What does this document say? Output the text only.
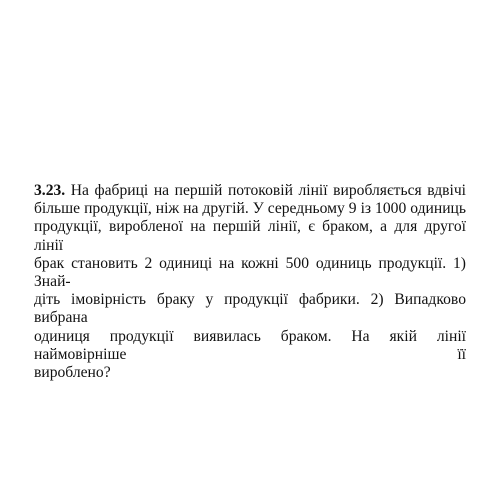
3.23. На фабриці на першій потоковій лінії виробляється вдвічі
більше продукції, ніж на другій. У середньому 9 із 1000 одиниць
продукції, виробленої на першій лінії, є браком, а для другої лінії
брак становить 2 одиниці на кожні 500 одиниць продукції. 1) Знай-
діть імовірність браку у продукції фабрики. 2) Випадково вибрана
одиниця продукції виявилась браком. На якій лінії наймовірніше її
вироблено?
